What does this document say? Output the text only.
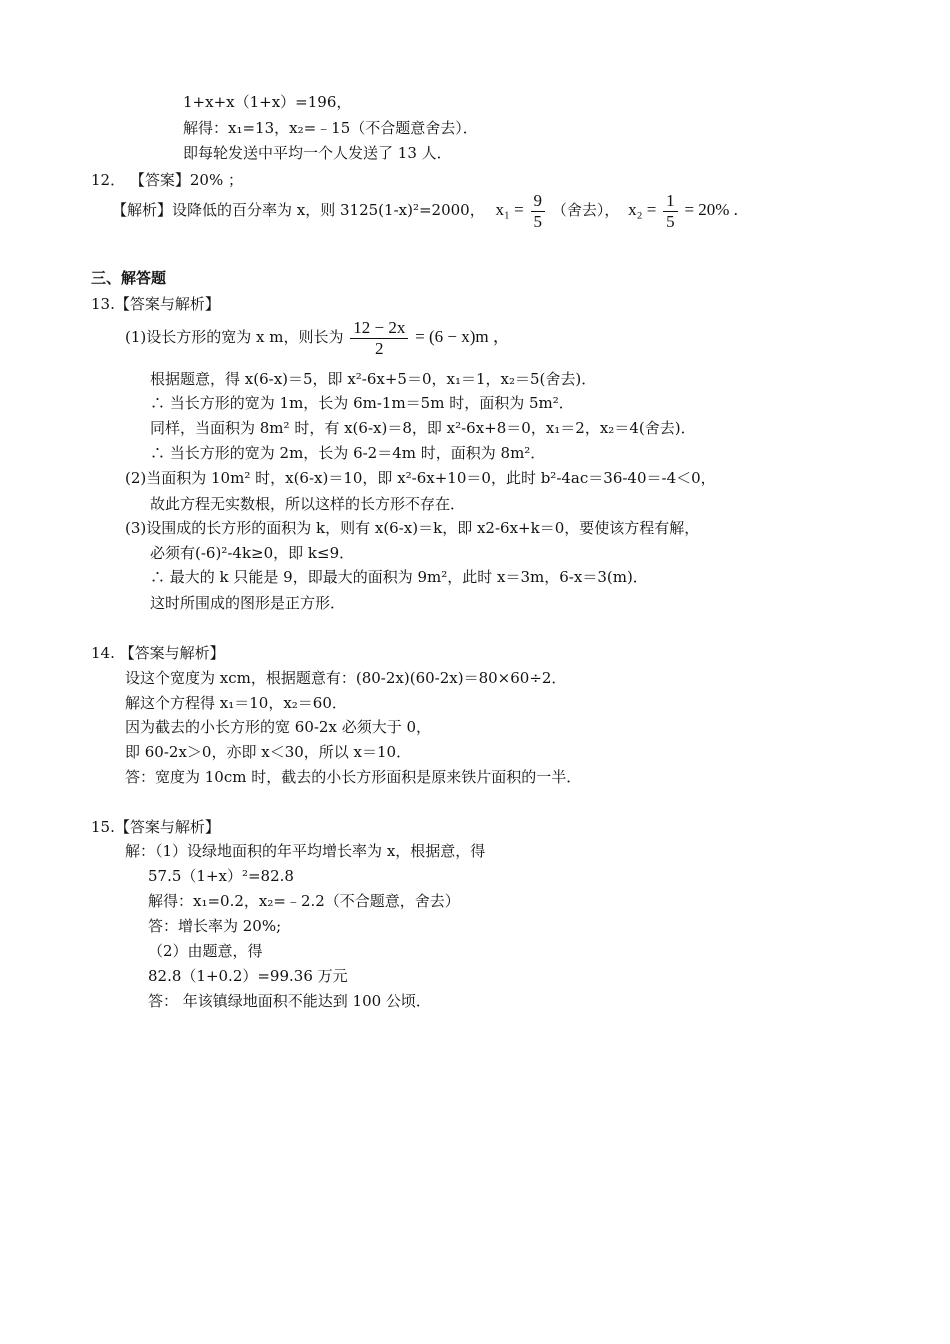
1+x+x（1+x）=196，
解得：x₁=13，x₂=﹣15（不合题意舍去）．
即每轮发送中平均一个人发送了 13 人．
12． 【答案】20% ；
【解析】设降低的百分率为 x，则 3125(1-x)²=2000， $x_1 = \frac{9}{5}$ （舍去）， $x_2 = \frac{1}{5} = 20\%$ .
三、解答题
13.【答案与解析】
(1)设长方形的宽为 x m，则长为 $\frac{12 - 2x}{2} = (6 - x)m$ ，
根据题意，得 x(6-x)＝5，即 x²-6x+5＝0，x₁＝1，x₂＝5(舍去)．
∴ 当长方形的宽为 1m，长为 6m-1m＝5m 时，面积为 5m²．
同样，当面积为 8m² 时，有 x(6-x)＝8，即 x²-6x+8＝0，x₁＝2，x₂＝4(舍去)．
∴ 当长方形的宽为 2m，长为 6-2＝4m 时，面积为 8m²．
(2)当面积为 10m² 时，x(6-x)＝10，即 x²-6x+10＝0，此时 b²-4ac＝36-40＝-4＜0，
故此方程无实数根，所以这样的长方形不存在．
(3)设围成的长方形的面积为 k，则有 x(6-x)＝k，即 x2-6x+k＝0，要使该方程有解，
必须有(-6)²-4k≥0，即 k≤9．
∴ 最大的 k 只能是 9，即最大的面积为 9m²，此时 x＝3m，6-x＝3(m)．
这时所围成的图形是正方形．
14. 【答案与解析】
设这个宽度为 xcm，根据题意有：(80-2x)(60-2x)＝80×60÷2．
解这个方程得 x₁＝10，x₂＝60．
因为截去的小长方形的宽 60-2x 必须大于 0，
即 60-2x＞0，亦即 x＜30，所以 x＝10．
答：宽度为 10cm 时，截去的小长方形面积是原来铁片面积的一半．
15.【答案与解析】
解：（1）设绿地面积的年平均增长率为 x，根据意，得
57.5（1+x）²=82.8
解得：x₁=0.2，x₂=﹣2.2（不合题意，舍去）
答：增长率为 20%;
（2）由题意，得
82.8（1+0.2）=99.36 万元
答： 年该镇绿地面积不能达到 100 公顷．
